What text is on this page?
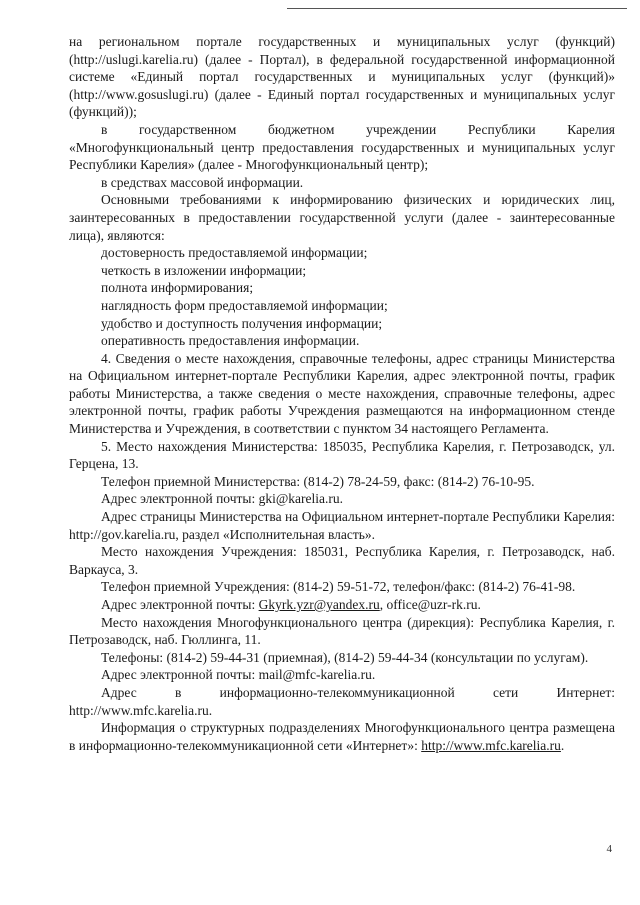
на региональном портале государственных и муниципальных услуг (функций) (http://uslugi.karelia.ru) (далее - Портал), в федеральной государственной информационной системе «Единый портал государственных и муниципальных услуг (функций)» (http://www.gosuslugi.ru) (далее - Единый портал государственных и муниципальных услуг (функций));

в государственном бюджетном учреждении Республики Карелия «Многофункциональный центр предоставления государственных и муниципальных услуг Республики Карелия» (далее - Многофункциональный центр);

в средствах массовой информации.

Основными требованиями к информированию физических и юридических лиц, заинтересованных в предоставлении государственной услуги (далее - заинтересованные лица), являются:

достоверность предоставляемой информации;

четкость в изложении информации;

полнота информирования;

наглядность форм предоставляемой информации;

удобство и доступность получения информации;

оперативность предоставления информации.

4. Сведения о месте нахождения, справочные телефоны, адрес страницы Министерства на Официальном интернет-портале Республики Карелия, адрес электронной почты, график работы Министерства, а также сведения о месте нахождения, справочные телефоны, адрес электронной почты, график работы Учреждения размещаются на информационном стенде Министерства и Учреждения, в соответствии с пунктом 34 настоящего Регламента.

5. Место нахождения Министерства: 185035, Республика Карелия, г. Петрозаводск, ул. Герцена, 13.

Телефон приемной Министерства: (814-2) 78-24-59, факс: (814-2) 76-10-95.

Адрес электронной почты: gki@karelia.ru.

Адрес страницы Министерства на Официальном интернет-портале Республики Карелия: http://gov.karelia.ru, раздел «Исполнительная власть».

Место нахождения Учреждения: 185031, Республика Карелия, г. Петрозаводск, наб. Варкауса, 3.

Телефон приемной Учреждения: (814-2) 59-51-72, телефон/факс: (814-2) 76-41-98.

Адрес электронной почты: Gkyrk.yzr@yandex.ru, office@uzr-rk.ru.

Место нахождения Многофункционального центра (дирекция): Республика Карелия, г. Петрозаводск, наб. Гюллинга, 11.

Телефоны: (814-2) 59-44-31 (приемная), (814-2) 59-44-34 (консультации по услугам).

Адрес электронной почты: mail@mfc-karelia.ru.

Адрес в информационно-телекоммуникационной сети Интернет: http://www.mfc.karelia.ru.

Информация о структурных подразделениях Многофункционального центра размещена в информационно-телекоммуникационной сети «Интернет»: http://www.mfc.karelia.ru.

4
